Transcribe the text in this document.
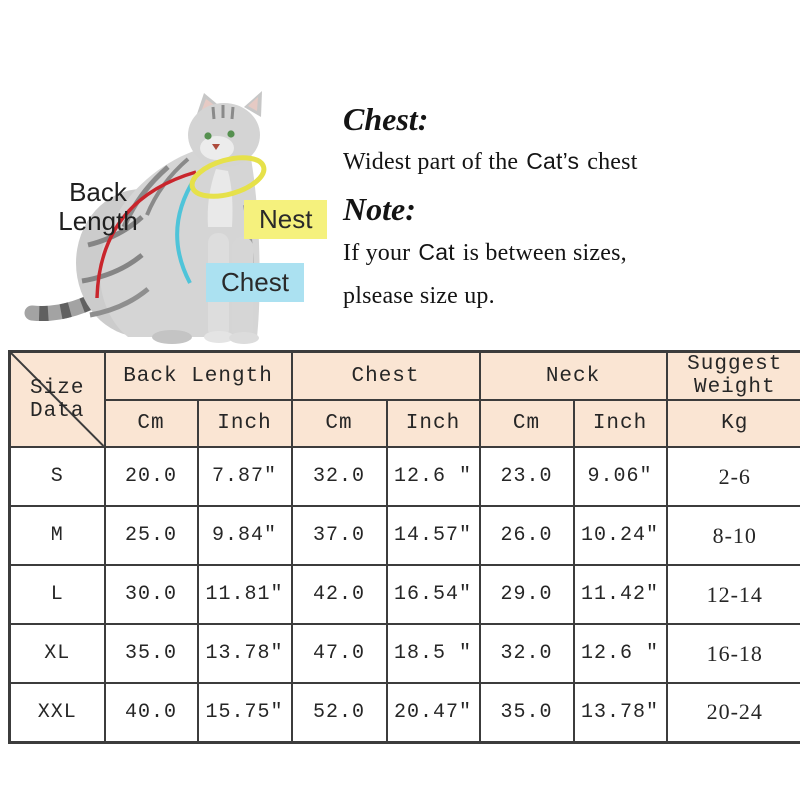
Back
Length	Nest
Chest

Chest:

Widest part of the Cat’s chest

Note:

If your Cat is between sizes,

plsease size up.

Size Data	Back Length		Chest		Neck		Suggest Weight
	Cm	Inch	Cm	Inch	Cm	Inch	Kg
S	20.0	7.87″	32.0	12.6 ″	23.0	9.06″	2-6
M	25.0	9.84″	37.0	14.57″	26.0	10.24″	8-10
L	30.0	11.81″	42.0	16.54″	29.0	11.42″	12-14
XL	35.0	13.78″	47.0	18.5 ″	32.0	12.6 ″	16-18
XXL	40.0	15.75″	52.0	20.47″	35.0	13.78″	20-24
